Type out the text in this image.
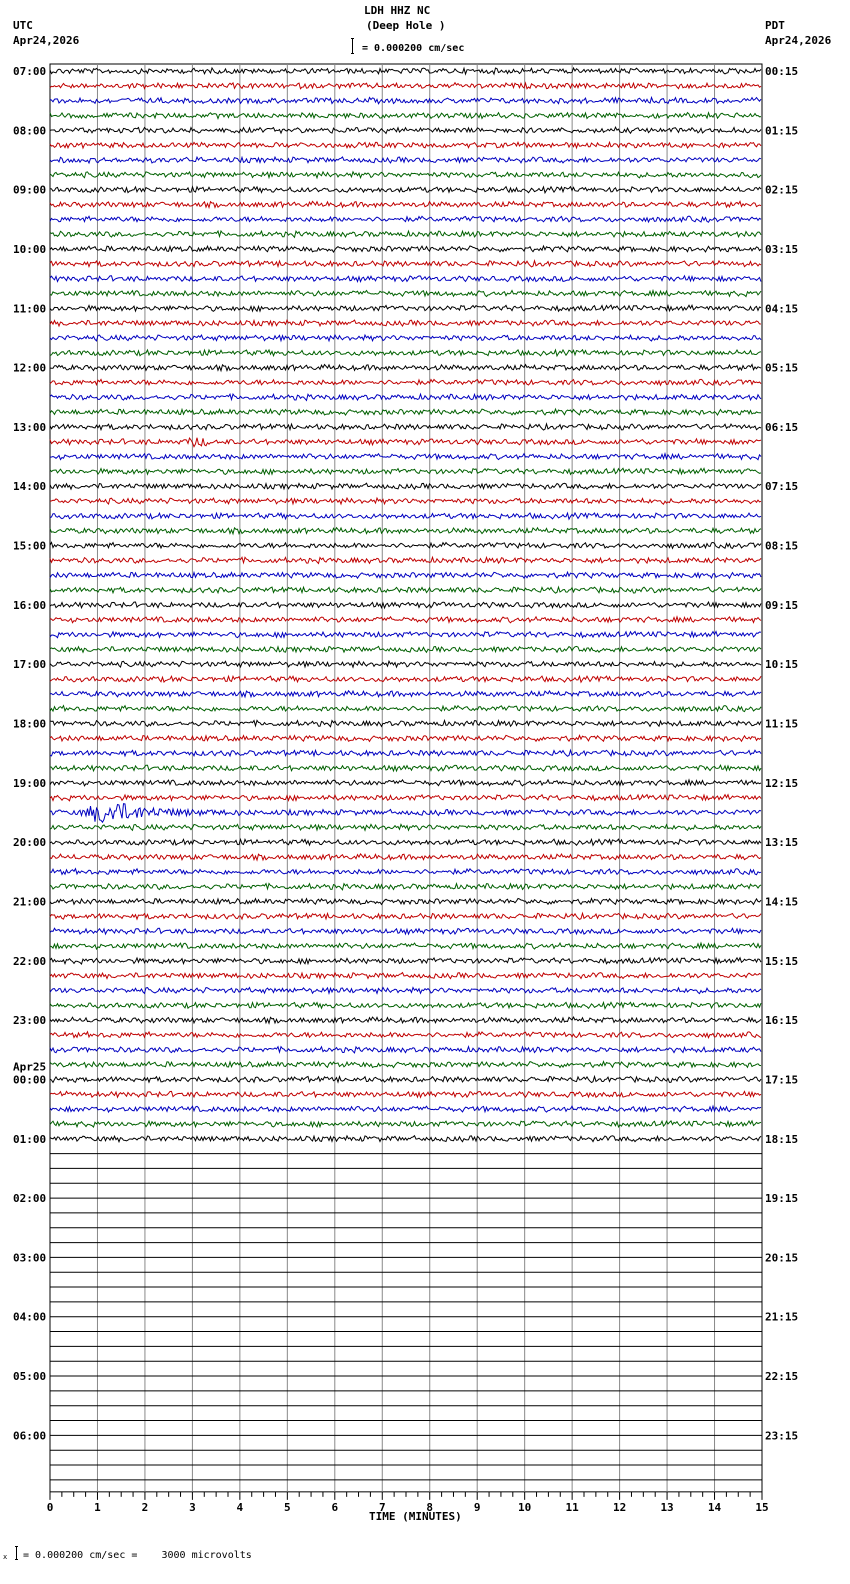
LDH HHZ NC
(Deep Hole )
= 0.000200 cm/sec
UTC
Apr24,2026
PDT
Apr24,2026
07:00
08:00
09:00
10:00
11:00
12:00
13:00
14:00
15:00
16:00
17:00
18:00
19:00
20:00
21:00
22:00
23:00
00:00
01:00
02:00
03:00
04:00
05:00
06:00
00:15
01:15
02:15
03:15
04:15
05:15
06:15
07:15
08:15
09:15
10:15
11:15
12:15
13:15
14:15
15:15
16:15
17:15
18:15
19:15
20:15
21:15
22:15
23:15
Apr25
0	1	2	3	4	5	6	7	8	9	10	11	12	13	14	15
TIME (MINUTES)
x = 0.000200 cm/sec =    3000 microvolts
